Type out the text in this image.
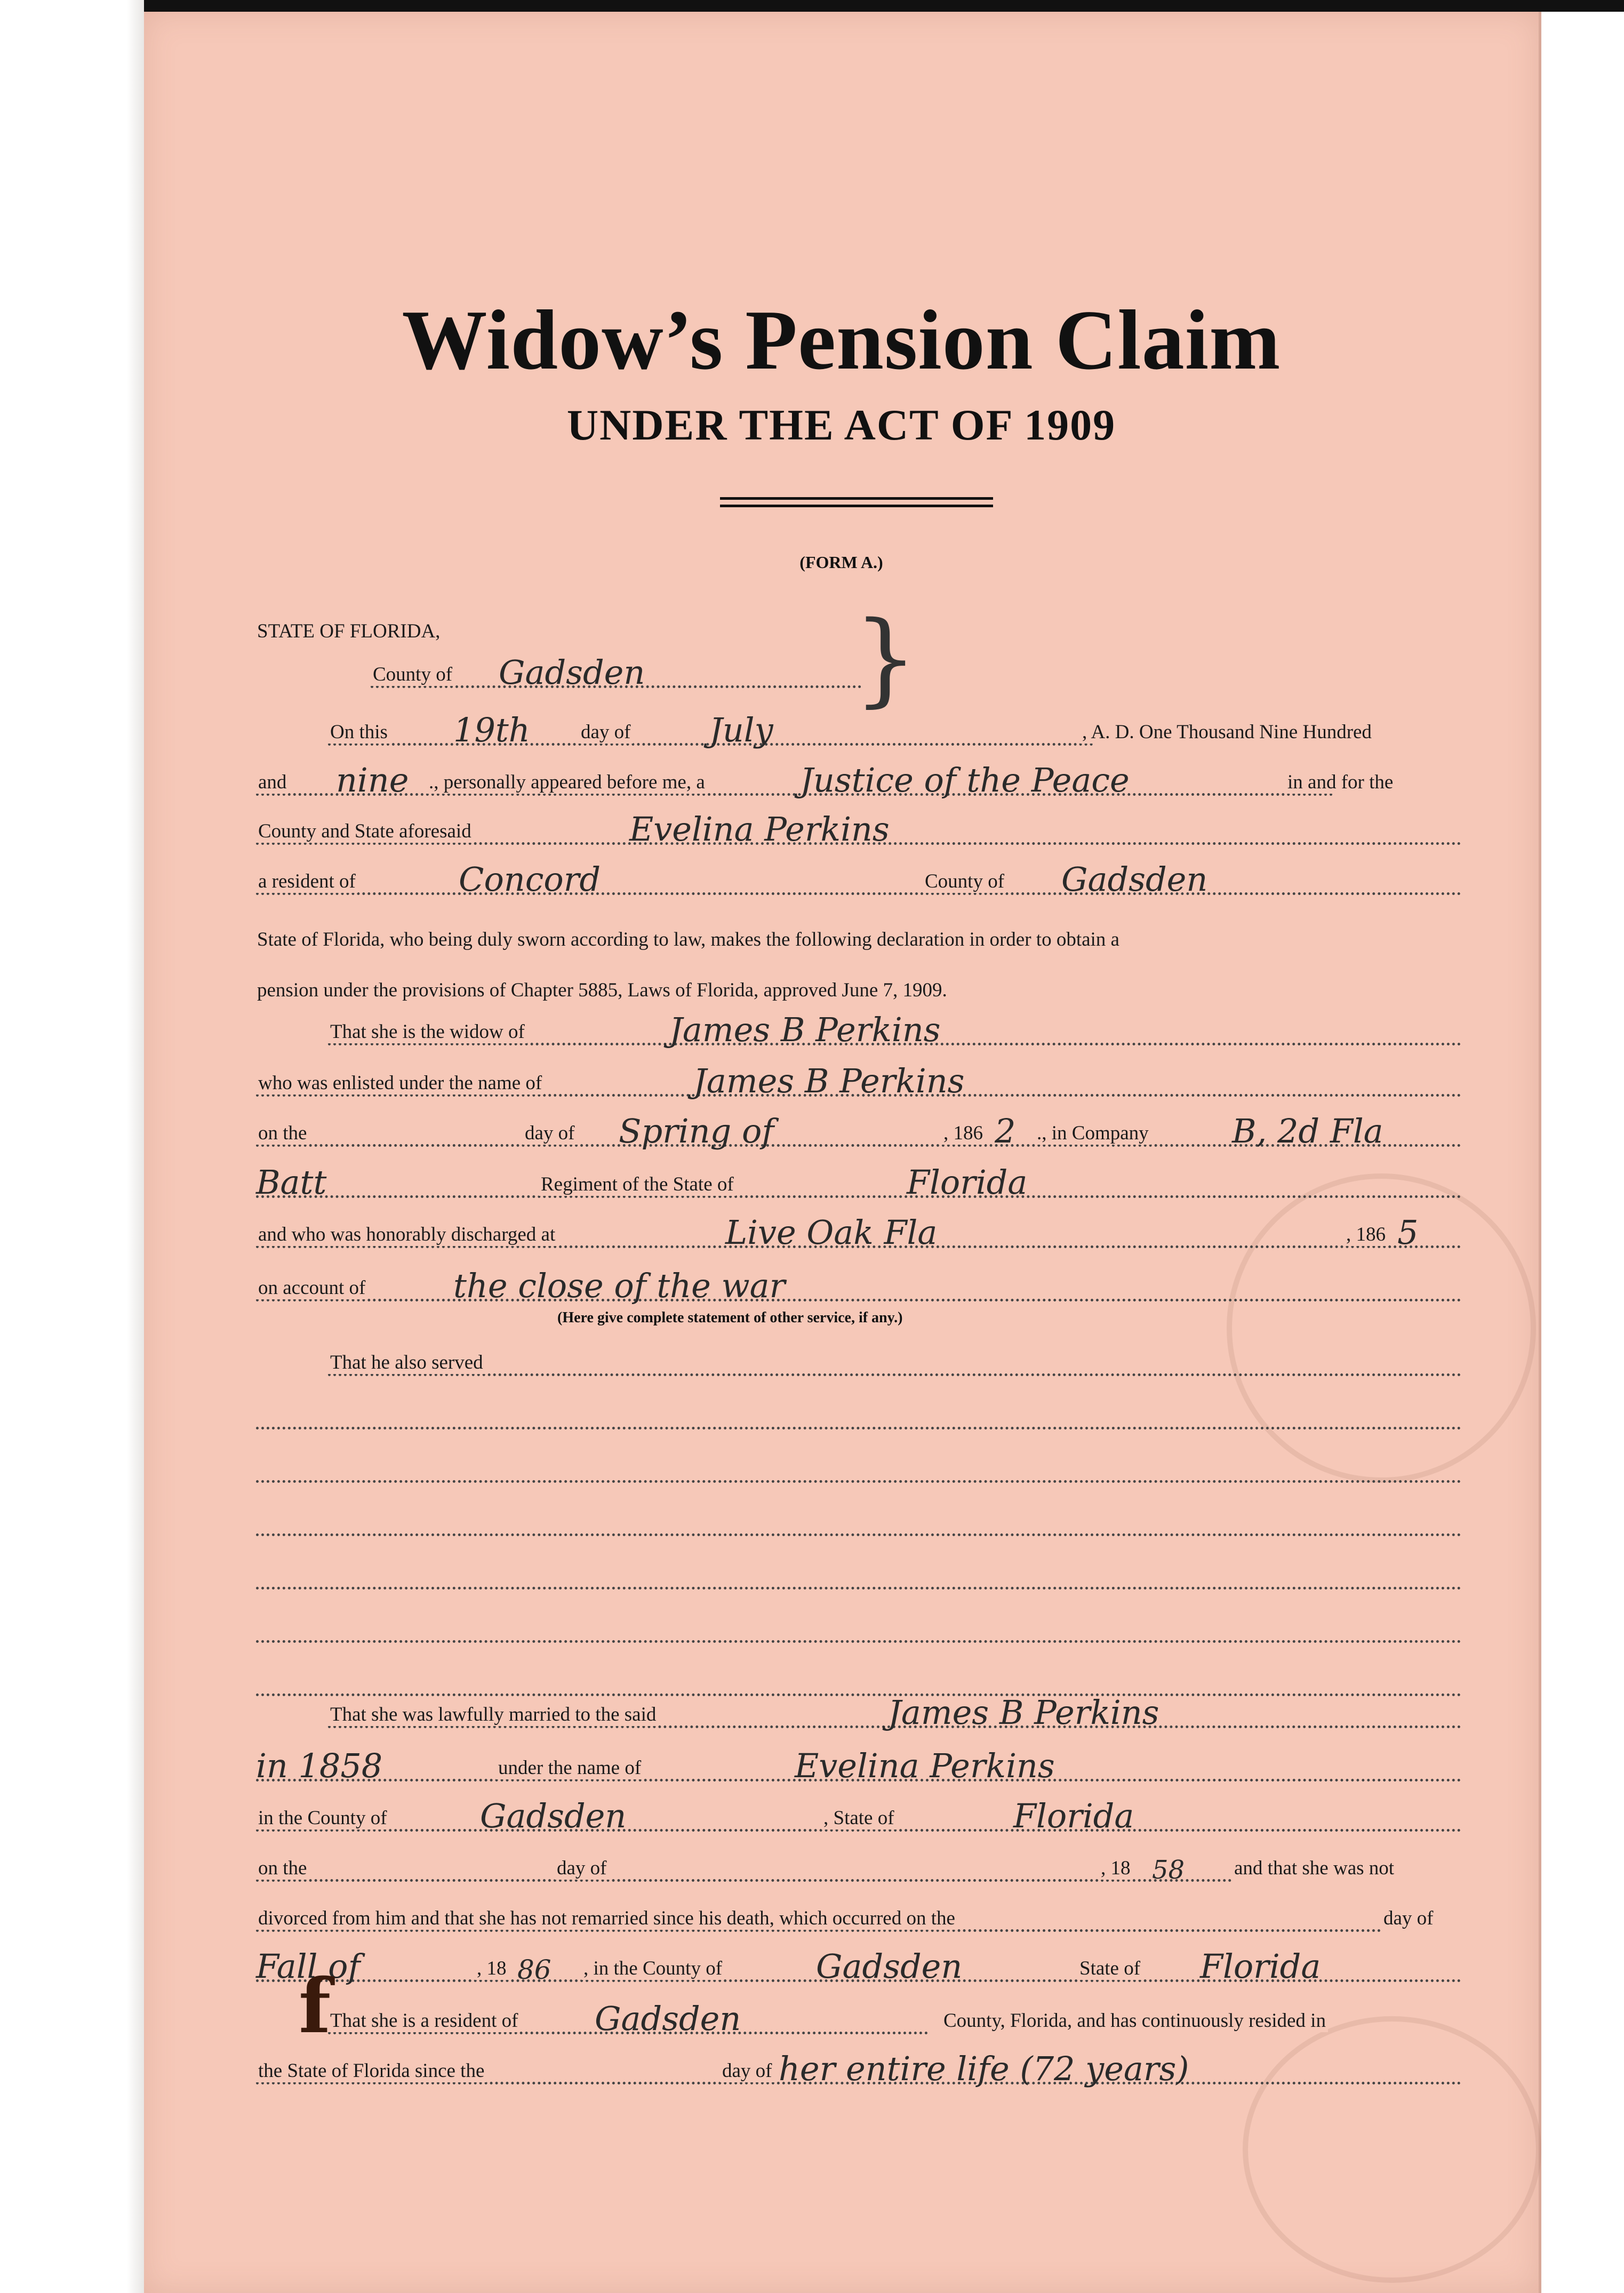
Widow’s Pension Claim
UNDER THE ACT OF 1909
(FORM A.)
STATE OF FLORIDA,	}
County of Gadsden
On this 19th	day of July	, A. D. One Thousand Nine Hundred
and nine ., personally appeared before me, a	Justice of the Peace	in and for the
County and State aforesaid	Evelina Perkins
a resident of	Concord	County of Gadsden
State of Florida, who being duly sworn according to law, makes the following declaration in order to obtain a
pension under the provisions of Chapter 5885, Laws of Florida, approved June 7, 1909.
That she is the widow of	James B Perkins
who was enlisted under the name of	James B Perkins
on the	day of Spring of	, 186 2 ., in Company	B, 2d Fla
Batt	Regiment of the State of	Florida
and who was honorably discharged at	Live Oak Fla	, 186 5
on account of	the close of the war
(Here give complete statement of other service, if any.)
That he also served
That she was lawfully married to the said	James B Perkins
in 1858	under the name of	Evelina Perkins
in the County of	Gadsden	, State of	Florida
on the	day of	, 18 58	and that she was not
divorced from him and that she has not remarried since his death, which occurred on the	day of
Fall of	, 18 86 , in the County of	Gadsden	State of Florida
That she is a resident of Gadsden	County, Florida, and has continuously resided in
the State of Florida since the	day of her entire life (72 years)
f
